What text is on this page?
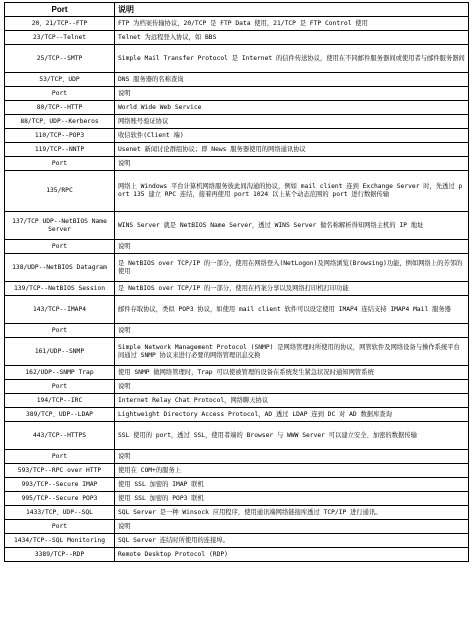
Port	说明
20、21/TCP--FTP	FTP 为档案传输协议，20/TCP 是 FTP Data 使用，21/TCP 是 FTP Control 使用
23/TCP--Telnet	Telnet 为远程登入协议，如 BBS
25/TCP--SMTP	Simple Mail Transfer Protocol 是 Internet 的信件传送协议，使用在不同邮件服务器间或使用者与邮件服务器间
53/TCP、UDP	DNS 服务器的名称查询
Port	说明
80/TCP--HTTP	World Wide Web Service
88/TCP、UDP--Kerberos	网络账号验证协议
110/TCP--POP3	收信软件(Client 端)
119/TCP--NNTP	Usenet 新闻讨论群组协议；即 News 服务器使用的网络通讯协议
Port	说明
135/RPC	网络上 Windows 平台计算机网络服务彼此间沟通的协议，例如 mail client 连到 Exchange Server 时，先透过 port 135 建立 RPC 连结，接着再使用 port 1024 以上某个动态范围的 port 进行数据传输
137/TCP UDP--NetBIOS Name Server	WINS Server 就是 NetBIOS Name Server，透过 WINS Server 做名称解析得知网络主机的 IP 地址
Port	说明
138/UDP--NetBIOS Datagram	是 NetBIOS over TCP/IP 的一部分，使用在网络登入(NetLogon)及网络浏览(Browsing)功能，例如网络上的芳邻的使用
139/TCP--NetBIOS Session	是 NetBIOS over TCP/IP 的一部分，使用在档案分享以及网络打印机打印功能
143/TCP--IMAP4	邮件存取协议，类似 POP3 协议，如使用 mail client 软件可以设定使用 IMAP4 连结支持 IMAP4 Mail 服务器
Port	说明
161/UDP--SNMP	Simple Network Management Protocol (SNMP) 是网络管理时所使用的协议，网管软件及网络设备与操作系统平台间通过 SNMP 协议来进行必要的网络管理讯息交换
162/UDP--SNMP Trap	使用 SNMP 做网络管理时，Trap 可以使被管理的设备在系统发生紧急状况时通知网管系统
Port	说明
194/TCP--IRC	Internet Relay Chat Protocol，网络聊天协议
389/TCP、UDP--LDAP	Lightweight Directory Access Protocol，AD 透过 LDAP 连到 DC 对 AD 数据库查询
443/TCP--HTTPS	SSL 使用的 port，透过 SSL，使用者端的 Browser 与 WWW Server 可以建立安全、加密的数据传输
Port	说明
593/TCP--RPC over HTTP	使用在 COM+的服务上
993/TCP--Secure IMAP	使用 SSL 加密的 IMAP 联机
995/TCP--Secure POP3	使用 SSL 加密的 POP3 联机
1433/TCP、UDP--SQL	SQL Server 是一种 Winsock 应用程序，使用通讯端网络链接库透过 TCP/IP 进行通讯。
Port	说明
1434/TCP--SQL Monitoring	SQL Server 连结时所使用的连接埠。
3389/TCP--RDP	Remote Desktop Protocol (RDP)
